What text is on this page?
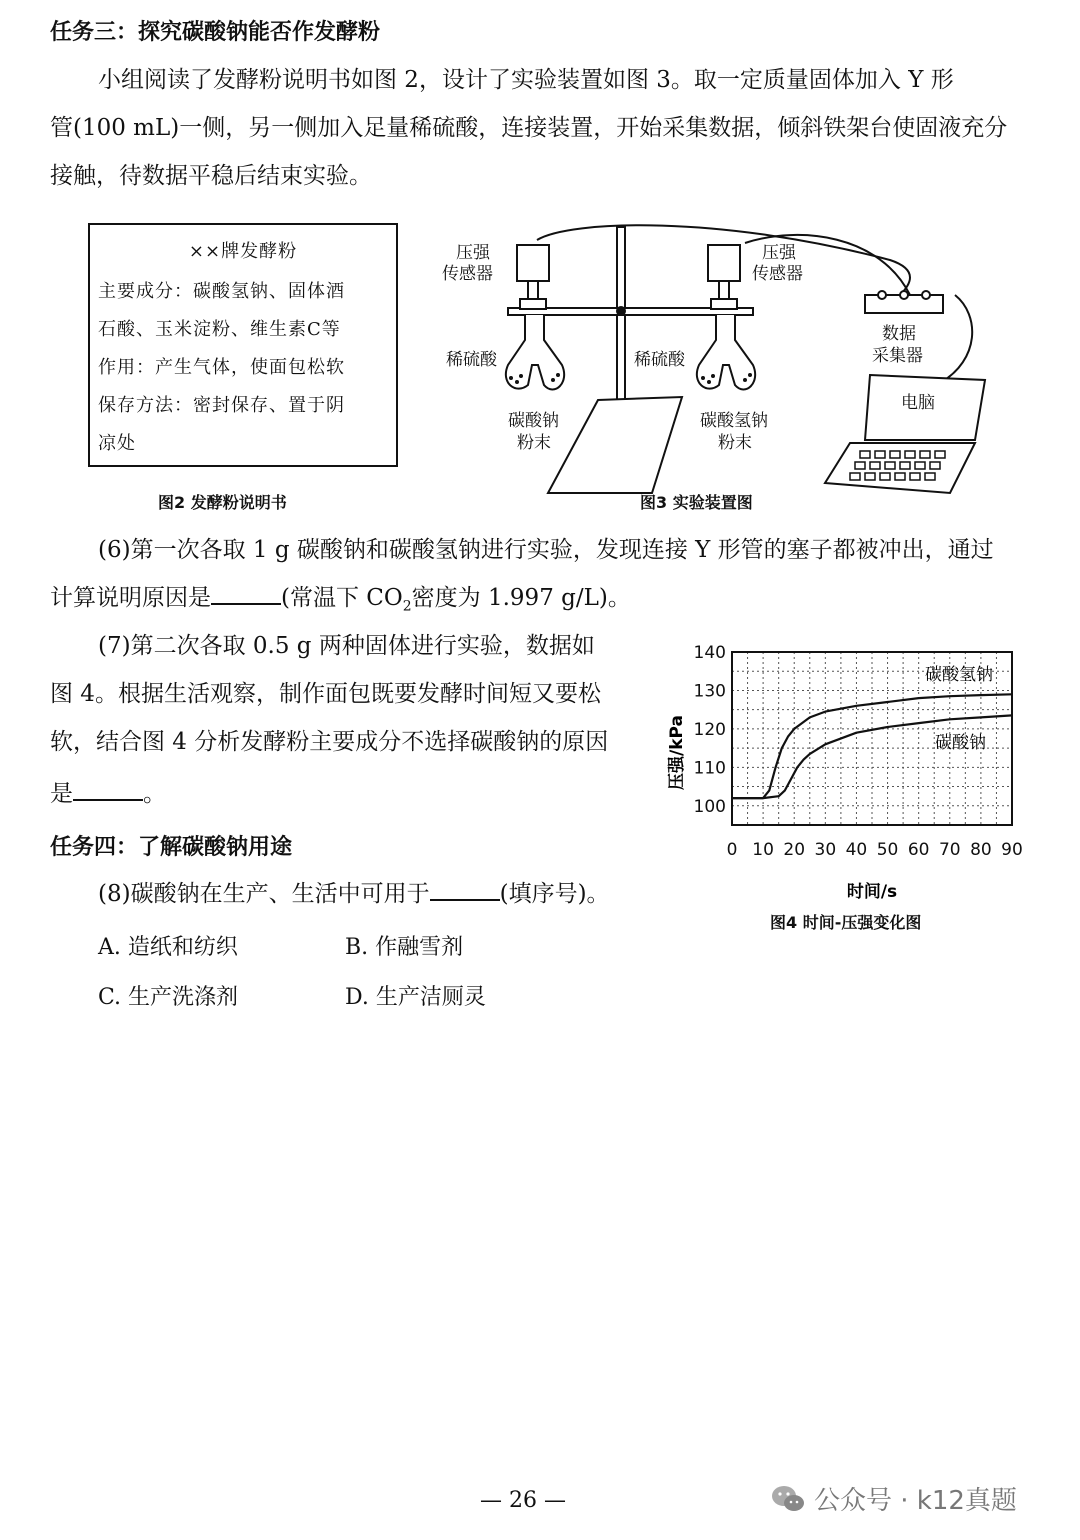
任务三：探究碳酸钠能否作发酵粉
小组阅读了发酵粉说明书如图 2，设计了实验装置如图 3。取一定质量固体加入 Y 形
管(100 mL)一侧，另一侧加入足量稀硫酸，连接装置，开始采集数据，倾斜铁架台使固液充分
接触，待数据平稳后结束实验。
××牌发酵粉
主要成分：碳酸氢钠、固体酒
石酸、玉米淀粉、维生素C等
作用：产生气体，使面包松软
保存方法：密封保存、置于阴
凉处
图2 发酵粉说明书
压强
传感器
压强
传感器
稀硫酸	稀硫酸
碳酸钠
粉末
碳酸氢钠
粉末
数据
采集器
电脑
图3 实验装置图
(6)第一次各取 1 g 碳酸钠和碳酸氢钠进行实验，发现连接 Y 形管的塞子都被冲出，通过
计算说明原因是	(常温下 $CO_2$密度为 1.997 g/L)。
(7)第二次各取 0.5 g 两种固体进行实验，数据如
图 4。根据生活观察，制作面包既要发酵时间短又要松
软，结合图 4 分析发酵粉主要成分不选择碳酸钠的原因
是	。
0 10 20 30 40 50 60 70 80 90
100
110
120
130
140
时间/s
压强/kPa
碳酸氢钠
碳酸钠
图4 时间-压强变化图
任务四：了解碳酸钠用途
(8)碳酸钠在生产、生活中可用于	(填序号)。
A. 造纸和纺织	B. 作融雪剂
C. 生产洗涤剂	D. 生产洁厕灵
— 26 —	公众号 · k12真题
